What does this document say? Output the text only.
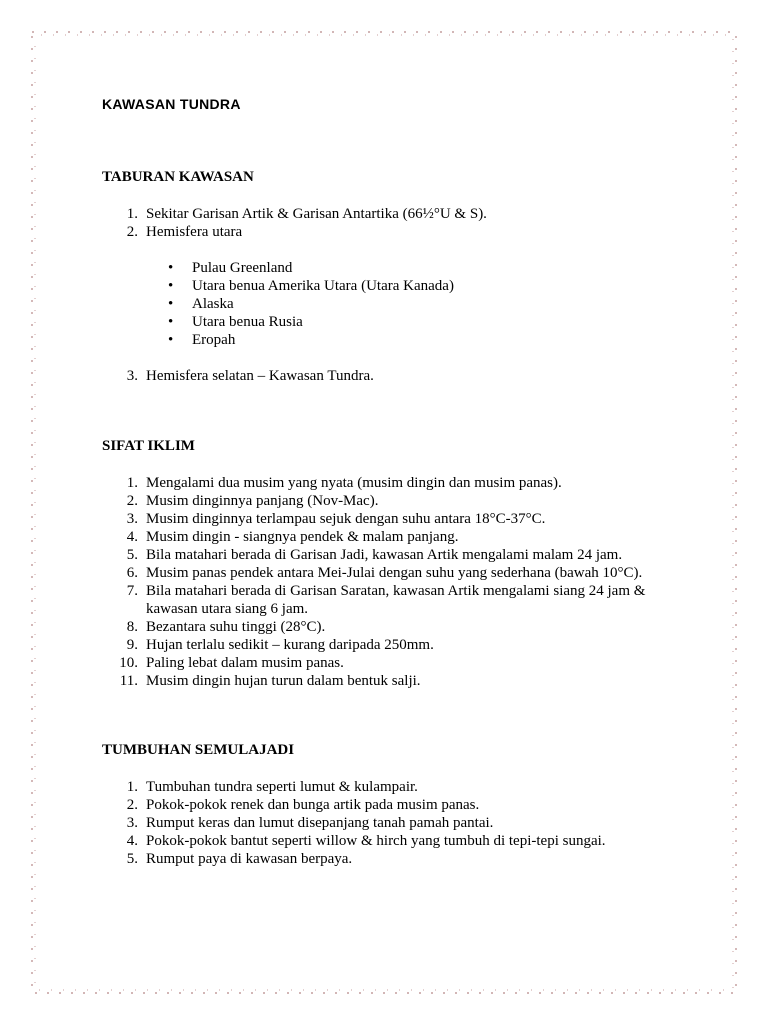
KAWASAN TUNDRA
TABURAN KAWASAN
1. Sekitar Garisan Artik & Garisan Antartika (66½°U & S).
2. Hemisfera utara
• Pulau Greenland
• Utara benua Amerika Utara (Utara Kanada)
• Alaska
• Utara benua Rusia
• Eropah
3. Hemisfera selatan – Kawasan Tundra.
SIFAT IKLIM
1. Mengalami dua musim yang nyata (musim dingin dan musim panas).
2. Musim dinginnya panjang (Nov-Mac).
3. Musim dinginnya terlampau sejuk dengan suhu antara 18°C-37°C.
4. Musim dingin - siangnya pendek & malam panjang.
5. Bila matahari berada di Garisan Jadi, kawasan Artik mengalami malam 24 jam.
6. Musim panas pendek antara Mei-Julai dengan suhu yang sederhana (bawah 10°C).
7. Bila matahari berada di Garisan Saratan, kawasan Artik mengalami siang 24 jam & kawasan utara siang 6 jam.
8. Bezantara suhu tinggi (28°C).
9. Hujan terlalu sedikit – kurang daripada 250mm.
10. Paling lebat dalam musim panas.
11. Musim dingin hujan turun dalam bentuk salji.
TUMBUHAN SEMULAJADI
1. Tumbuhan tundra seperti lumut & kulampair.
2. Pokok-pokok renek dan bunga artik pada musim panas.
3. Rumput keras dan lumut disepanjang tanah pamah pantai.
4. Pokok-pokok bantut seperti willow & hirch yang tumbuh di tepi-tepi sungai.
5. Rumput paya di kawasan berpaya.
